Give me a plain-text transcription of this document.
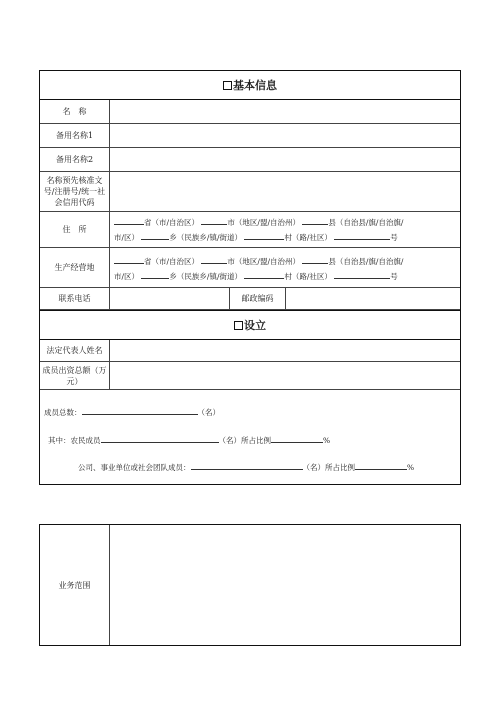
基本信息
名　称
备用名称1
备用名称2
名称预先核准文号/注册号/统一社会信用代码
住　所
省（市/自治区）	市（地区/盟/自治州）	县（自治县/旗/自治旗/
市/区）	乡（民族乡/镇/街道）	村（路/社区）	号
生产经营地
省（市/自治区）	市（地区/盟/自治州）	县（自治县/旗/自治旗/
市/区）	乡（民族乡/镇/街道）	村（路/社区）	号
联系电话	邮政编码
设立
法定代表人姓名
成员出资总额（万元）
成员总数：	（名）
其中：农民成员	（名）所占比例	%
公司、事业单位或社会团队成员：	（名）所占比例	%
业务范围
